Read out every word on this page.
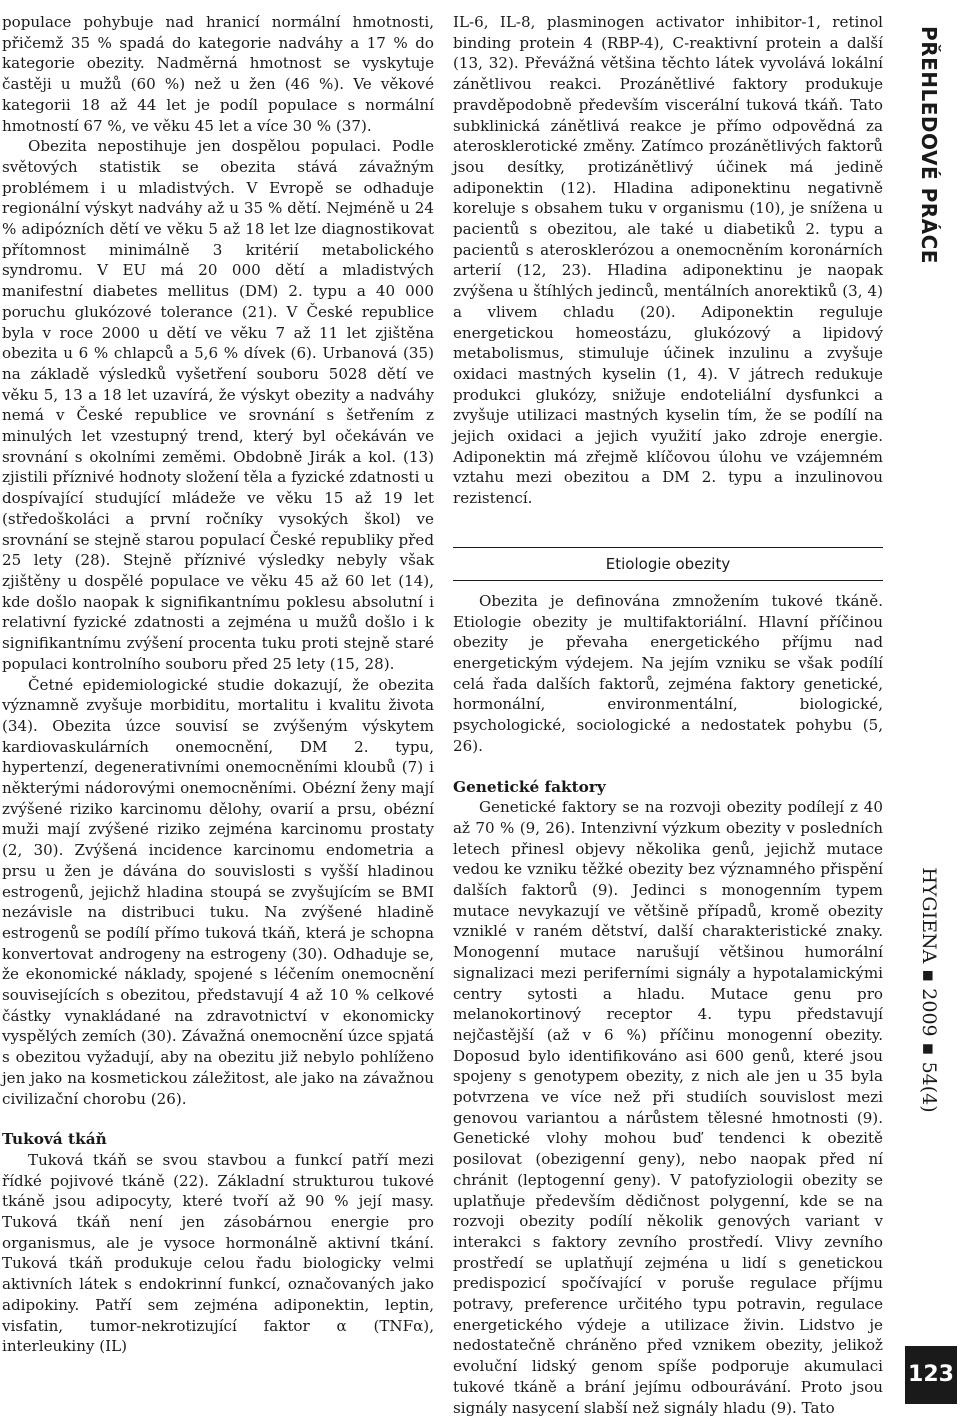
populace pohybuje nad hranicí normální hmotnosti, přičemž 35 % spadá do kategorie nadváhy a 17 % do kategorie obezity. Nadměrná hmotnost se vyskytuje častěji u mužů (60 %) než u žen (46 %). Ve věkové kategorii 18 až 44 let je podíl populace s normální hmotností 67 %, ve věku 45 let a více 30 % (37).

Obezita nepostihuje jen dospělou populaci. Podle světových statistik se obezita stává závažným problémem i u mladistvých. V Evropě se odhaduje regionální výskyt nadváhy až u 35 % dětí. Nejméně u 24 % adipózních dětí ve věku 5 až 18 let lze diagnostikovat přítomnost minimálně 3 kritérií metabolického syndromu. V EU má 20 000 dětí a mladistvých manifestní diabetes mellitus (DM) 2. typu a 40 000 poruchu glukózové tolerance (21). V České republice byla v roce 2000 u dětí ve věku 7 až 11 let zjištěna obezita u 6 % chlapců a 5,6 % dívek (6). Urbanová (35) na základě výsledků vyšetření souboru 5028 dětí ve věku 5, 13 a 18 let uzavírá, že výskyt obezity a nadváhy nemá v České republice ve srovnání s šetřením z minulých let vzestupný trend, který byl očekáván ve srovnání s okolními zeměmi. Obdobně Jirák a kol. (13) zjistili příznivé hodnoty složení těla a fyzické zdatnosti u dospívající studující mládeže ve věku 15 až 19 let (středoškoláci a první ročníky vysokých škol) ve srovnání se stejně starou populací České republiky před 25 lety (28). Stejně příznivé výsledky nebyly však zjištěny u dospělé populace ve věku 45 až 60 let (14), kde došlo naopak k signifikantnímu poklesu absolutní i relativní fyzické zdatnosti a zejména u mužů došlo i k signifikantnímu zvýšení procenta tuku proti stejně staré populaci kontrolního souboru před 25 lety (15, 28).

Četné epidemiologické studie dokazují, že obezita významně zvyšuje morbiditu, mortalitu i kvalitu života (34). Obezita úzce souvisí se zvýšeným výskytem kardiovaskulárních onemocnění, DM 2. typu, hypertenzí, degenerativními onemocněními kloubů (7) i některými nádorovými onemocněními. Obézní ženy mají zvýšené riziko karcinomu dělohy, ovarií a prsu, obézní muži mají zvýšené riziko zejména karcinomu prostaty (2, 30). Zvýšená incidence karcinomu endometria a prsu u žen je dávána do souvislosti s vyšší hladinou estrogenů, jejichž hladina stoupá se zvyšujícím se BMI nezávisle na distribuci tuku. Na zvýšené hladině estrogenů se podílí přímo tuková tkáň, která je schopna konvertovat androgeny na estrogeny (30). Odhaduje se, že ekonomické náklady, spojené s léčením onemocnění souvisejících s obezitou, představují 4 až 10 % celkové částky vynakládané na zdravotnictví v ekonomicky vyspělých zemích (30). Závažná onemocnění úzce spjatá s obezitou vyžadují, aby na obezitu již nebylo pohlíženo jen jako na kosmetickou záležitost, ale jako na závažnou civilizační chorobu (26).

Tuková tkáň

Tuková tkáň se svou stavbou a funkcí patří mezi řídké pojivové tkáně (22). Základní strukturou tukové tkáně jsou adipocyty, které tvoří až 90 % její masy. Tuková tkáň není jen zásobárnou energie pro organismus, ale je vysoce hormonálně aktivní tkání. Tuková tkáň produkuje celou řadu biologicky velmi aktivních látek s endokrinní funkcí, označovaných jako adipokiny. Patří sem zejména adiponektin, leptin, visfatin, tumor-nekrotizující faktor α (TNFα), interleukiny (IL)

IL-6, IL-8, plasminogen activator inhibitor-1, retinol binding protein 4 (RBP-4), C-reaktivní protein a další (13, 32). Převážná většina těchto látek vyvolává lokální zánětlivou reakci. Prozánětlivé faktory produkuje pravděpodobně především viscerální tuková tkáň. Tato subklinická zánětlivá reakce je přímo odpovědná za aterosklerotické změny. Zatímco prozánětlivých faktorů jsou desítky, protizánětlivý účinek má jedině adiponektin (12). Hladina adiponektinu negativně koreluje s obsahem tuku v organismu (10), je snížena u pacientů s obezitou, ale také u diabetiků 2. typu a pacientů s aterosklerózou a onemocněním koronárních arterií (12, 23). Hladina adiponektinu je naopak zvýšena u štíhlých jedinců, mentálních anorektiků (3, 4) a vlivem chladu (20). Adiponektin reguluje energetickou homeostázu, glukózový a lipidový metabolismus, stimuluje účinek inzulinu a zvyšuje oxidaci mastných kyselin (1, 4). V játrech redukuje produkci glukózy, snižuje endoteliální dysfunkci a zvyšuje utilizaci mastných kyselin tím, že se podílí na jejich oxidaci a jejich využití jako zdroje energie. Adiponektin má zřejmě klíčovou úlohu ve vzájemném vztahu mezi obezitou a DM 2. typu a inzulinovou rezistencí.

Etiologie obezity

Obezita je definována zmnožením tukové tkáně. Etiologie obezity je multifaktoriální. Hlavní příčinou obezity je převaha energetického příjmu nad energetickým výdejem. Na jejím vzniku se však podílí celá řada dalších faktorů, zejména faktory genetické, hormonální, environmentální, biologické, psychologické, sociologické a nedostatek pohybu (5, 26).

Genetické faktory

Genetické faktory se na rozvoji obezity podílejí z 40 až 70 % (9, 26). Intenzivní výzkum obezity v posledních letech přinesl objevy několika genů, jejichž mutace vedou ke vzniku těžké obezity bez významného přispění dalších faktorů (9). Jedinci s monogenním typem mutace nevykazují ve většině případů, kromě obezity vzniklé v raném dětství, další charakteristické znaky. Monogenní mutace narušují většinou humorální signalizaci mezi periferními signály a hypotalamickými centry sytosti a hladu. Mutace genu pro melanokortinový receptor 4. typu představují nejčastější (až v 6 %) příčinu monogenní obezity. Doposud bylo identifikováno asi 600 genů, které jsou spojeny s genotypem obezity, z nich ale jen u 35 byla potvrzena ve více než při studiích souvislost mezi genovou variantou a nárůstem tělesné hmotnosti (9). Genetické vlohy mohou buď tendenci k obezitě posilovat (obezigenní geny), nebo naopak před ní chránit (leptogenní geny). V patofyziologii obezity se uplatňuje především dědičnost polygenní, kde se na rozvoji obezity podílí několik genových variant v interakci s faktory zevního prostředí. Vlivy zevního prostředí se uplatňují zejména u lidí s genetickou predispozicí spočívající v poruše regulace příjmu potravy, preference určitého typu potravin, regulace energetického výdeje a utilizace živin. Lidstvo je nedostatečně chráněno před vznikem obezity, jelikož evoluční lidský genom spíše podporuje akumulaci tukové tkáně a brání jejímu odbourávání. Proto jsou signály nasycení slabší než signály hladu (9). Tato

PŘEHLEDOVÉ PRÁCE
HYGIENA ▪ 2009 ▪ 54(4)
123
